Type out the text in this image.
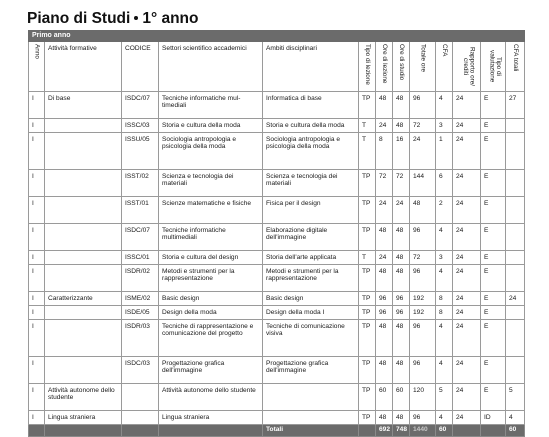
Piano di Studi 1° anno
Primo anno												
Anno	Attività formative	CODICE	Settori scientifico accademici	Ambiti disciplinari	Tipo di lezione	Ore di lezione	Ore di studio	Totale ore	CFA	Rapporto ore/ crediti	Tipo di valutazione	CFA totali
I	Di base	ISDC/07	Tecniche informatiche mul- timediali	Informatica di base	TP	48	48	96	4	24	E	27
I		ISSC/03	Storia e cultura della moda	Storia e cultura della moda	T	24	48	72	3	24	E	
I		ISSU/05	Sociologia antropologia e psicologia della moda	Sociologia antropologia e psicologia della moda	T	8	16	24	1	24	E	
I		ISST/02	Scienza e tecnologia dei materiali	Scienza e tecnologia dei materiali	TP	72	72	144	6	24	E	
I		ISST/01	Scienze matematiche e fisiche	Fisica per il design	TP	24	24	48	2	24	E	
I		ISDC/07	Tecniche informatiche multimediali	Elaborazione digitale dell'immagine	TP	48	48	96	4	24	E	
I		ISSC/01	Storia e cultura del design	Storia dell'arte applicata	T	24	48	72	3	24	E	
I		ISDR/02	Metodi e strumenti per la rappresentazione	Metodi e strumenti per la rappresentazione	TP	48	48	96	4	24	E	
I	Caratterizzante	ISME/02	Basic design	Basic design	TP	96	96	192	8	24	E	24
I		ISDE/05	Design della moda	Design della moda I	TP	96	96	192	8	24	E	
I		ISDR/03	Tecniche di rappresentazione e comunicazione del progetto	Tecniche di comunicazione visiva	TP	48	48	96	4	24	E	
I		ISDC/03	Progettazione grafica dell'immagine	Progettazione grafica dell'immagine	TP	48	48	96	4	24	E	
I	Attività autonome dello studente		Attività autonome dello studente		TP	60	60	120	5	24	E	5
I	Lingua straniera		Lingua straniera		TP	48	48	96	4	24	ID	4
				Totali		692	748	1440	60			60
